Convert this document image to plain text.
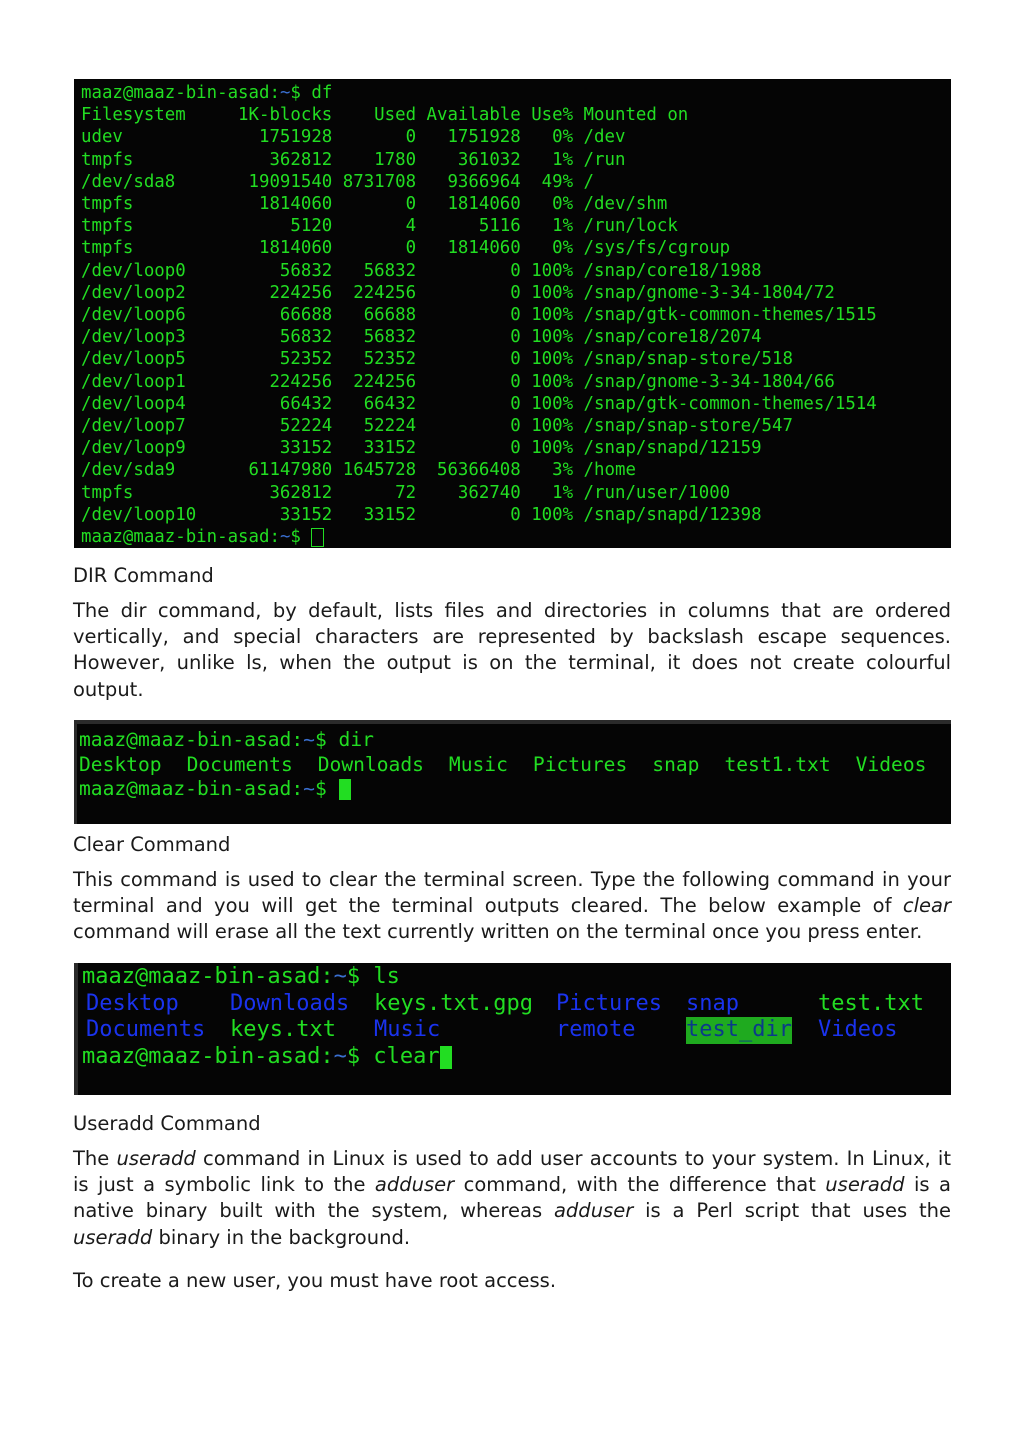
maaz@maaz-bin-asad:~$ df
Filesystem     1K-blocks    Used Available Use% Mounted on
udev             1751928       0   1751928   0% /dev
tmpfs             362812    1780    361032   1% /run
/dev/sda8       19091540 8731708   9366964  49% /
tmpfs            1814060       0   1814060   0% /dev/shm
tmpfs               5120       4      5116   1% /run/lock
tmpfs            1814060       0   1814060   0% /sys/fs/cgroup
/dev/loop0         56832   56832         0 100% /snap/core18/1988
/dev/loop2        224256  224256         0 100% /snap/gnome-3-34-1804/72
/dev/loop6         66688   66688         0 100% /snap/gtk-common-themes/1515
/dev/loop3         56832   56832         0 100% /snap/core18/2074
/dev/loop5         52352   52352         0 100% /snap/snap-store/518
/dev/loop1        224256  224256         0 100% /snap/gnome-3-34-1804/66
/dev/loop4         66432   66432         0 100% /snap/gtk-common-themes/1514
/dev/loop7         52224   52224         0 100% /snap/snap-store/547
/dev/loop9         33152   33152         0 100% /snap/snapd/12159
/dev/sda9       61147980 1645728  56366408   3% /home
tmpfs             362812      72    362740   1% /run/user/1000
/dev/loop10        33152   33152         0 100% /snap/snapd/12398
maaz@maaz-bin-asad:~$
DIR Command

The dir command, by default, lists files and directories in columns that are ordered vertically, and special characters are represented by backslash escape sequences. However, unlike ls, when the output is on the terminal, it does not create colourful output.

maaz@maaz-bin-asad:~$ dir
Desktop Documents Downloads Music Pictures snap test1.txt Videos
maaz@maaz-bin-asad:~$
Clear Command

This command is used to clear the terminal screen. Type the following command in your terminal and you will get the terminal outputs cleared. The below example of clear command will erase all the text currently written on the terminal once you press enter.

maaz@maaz-bin-asad:~$ ls
Desktop Downloads keys.txt.gpg Pictures snap	test.txt
Documents keys.txt Music	remote test_dir Videos
maaz@maaz-bin-asad:~$ clear
Useradd Command

The useradd command in Linux is used to add user accounts to your system. In Linux, it is just a symbolic link to the adduser command, with the difference that useradd is a native binary built with the system, whereas adduser is a Perl script that uses the useradd binary in the background.

To create a new user, you must have root access.
